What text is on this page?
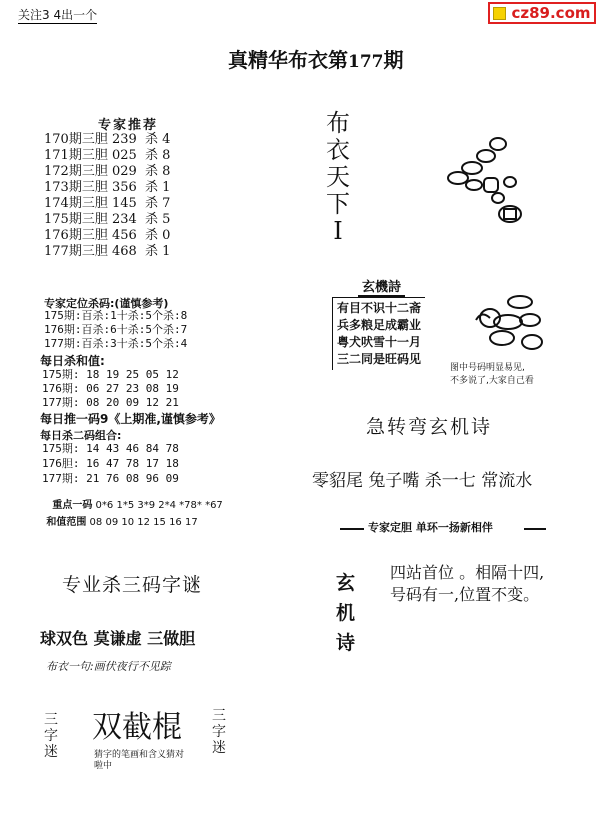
关注3 4出一个	cz89.com
真精华布衣第177期
专家推荐
170期三胆 239  杀 4
171期三胆 025  杀 8
172期三胆 029  杀 8
173期三胆 356  杀 1
174期三胆 145  杀 7
175期三胆 234  杀 5
176期三胆 456  杀 0
177期三胆 468  杀 1
专家定位杀码:(谨慎参考)
175期:百杀:1十杀:5个杀:8
176期:百杀:6十杀:5个杀:7
177期:百杀:3十杀:5个杀:4
每日杀和值:
175期: 18 19 25 05 12
176期: 06 27 23 08 19
177期: 08 20 09 12 21
每日推一码9《上期准,谨慎参考》
每日杀二码组合:
175期: 14 43 46 84 78
176胆: 16 47 78 17 18
177期: 21 76 08 96 09

重点一码 0*6 1*5 3*9 2*4 *78* *67

和值范围 08 09 10 12 15 16 17

专业杀三码字谜
球双色 莫谦虚 三做胆
布衣一句:画伏夜行不见踪
三
字
迷
双截棍
猜字的笔画和含义猜对啦中
三
字
迷
布
衣
天
下
I
玄機詩
有目不识十二斋
兵多粮足成霸业
粤犬吠雪十一月
三二同是旺码见
图中号码明显易见,
不多说了,大家自己看
急转弯玄机诗
零貂尾 兔子嘴 杀一七 常流水
专家定胆 单环一扬新相伴
玄
机
诗
四站首位 。相隔十四,
号码有一,位置不变。
